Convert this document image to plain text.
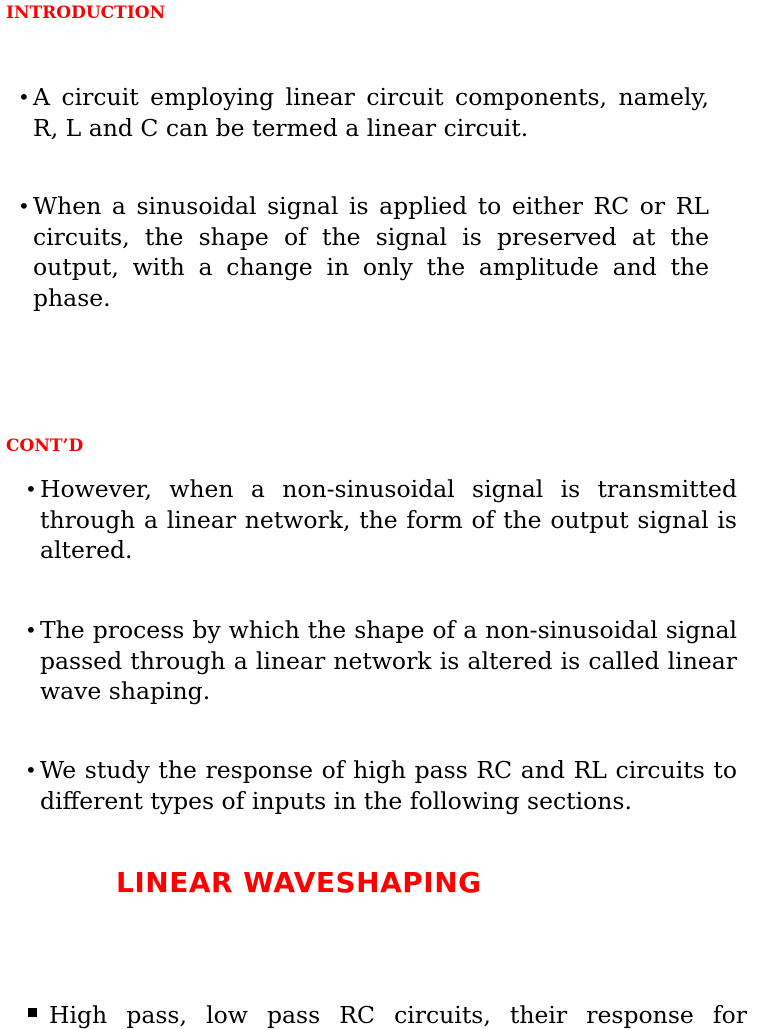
INTRODUCTION
• A circuit employing linear circuit components, namely, R, L and C can be termed a linear circuit.
• When a sinusoidal signal is applied to either RC or RL circuits, the shape of the signal is preserved at the output, with a change in only the amplitude and the phase.
CONT’D
• However, when a non-sinusoidal signal is transmitted through a linear network, the form of the output signal is altered.
• The process by which the shape of a non-sinusoidal signal passed through a linear network is altered is called linear wave shaping.
• We study the response of high pass RC and RL circuits to different types of inputs in the following sections.
LINEAR WAVESHAPING
High pass, low pass RC circuits, their response for
